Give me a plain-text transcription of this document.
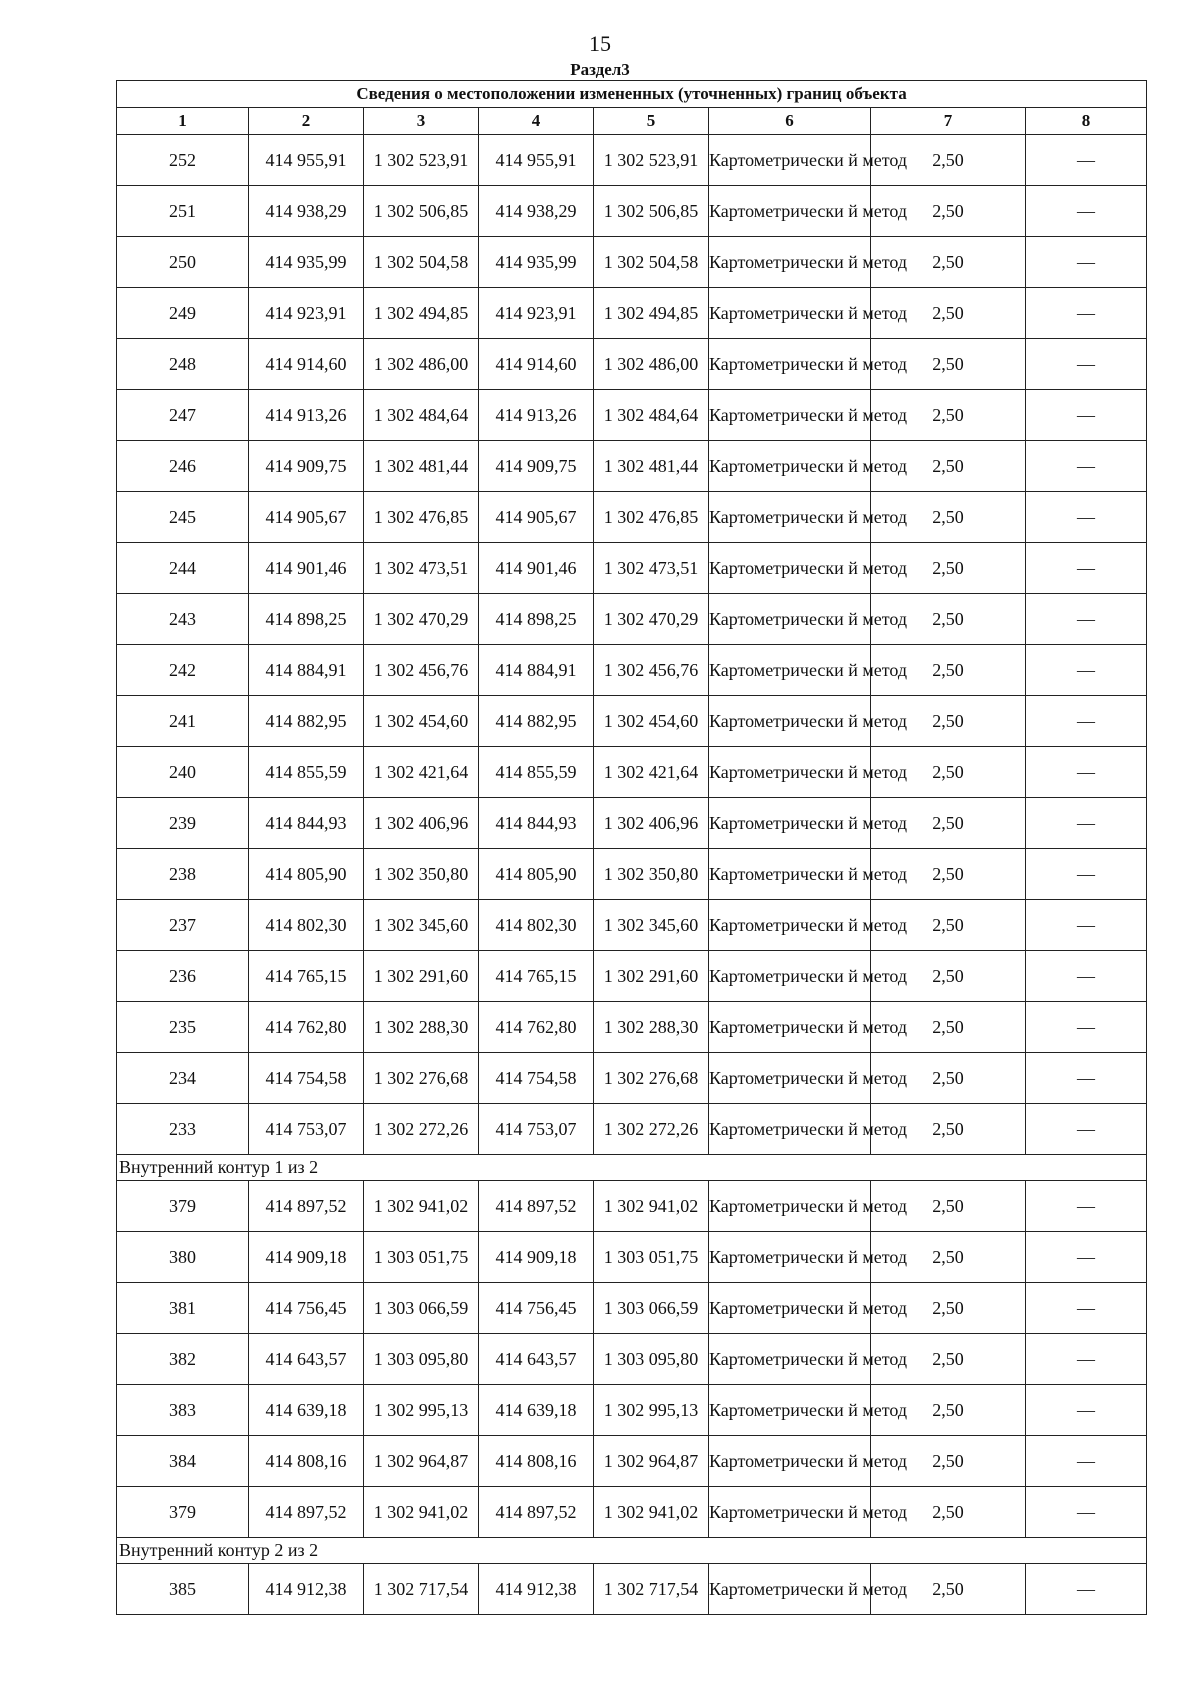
15
Раздел3
Сведения о местоположении измененных (уточненных) границ объекта							
1	2	3	4	5	6	7	8
252	414 955,91	1 302 523,91	414 955,91	1 302 523,91	Картометрически й метод	2,50	—
251	414 938,29	1 302 506,85	414 938,29	1 302 506,85	Картометрически й метод	2,50	—
250	414 935,99	1 302 504,58	414 935,99	1 302 504,58	Картометрически й метод	2,50	—
249	414 923,91	1 302 494,85	414 923,91	1 302 494,85	Картометрически й метод	2,50	—
248	414 914,60	1 302 486,00	414 914,60	1 302 486,00	Картометрически й метод	2,50	—
247	414 913,26	1 302 484,64	414 913,26	1 302 484,64	Картометрически й метод	2,50	—
246	414 909,75	1 302 481,44	414 909,75	1 302 481,44	Картометрически й метод	2,50	—
245	414 905,67	1 302 476,85	414 905,67	1 302 476,85	Картометрически й метод	2,50	—
244	414 901,46	1 302 473,51	414 901,46	1 302 473,51	Картометрически й метод	2,50	—
243	414 898,25	1 302 470,29	414 898,25	1 302 470,29	Картометрически й метод	2,50	—
242	414 884,91	1 302 456,76	414 884,91	1 302 456,76	Картометрически й метод	2,50	—
241	414 882,95	1 302 454,60	414 882,95	1 302 454,60	Картометрически й метод	2,50	—
240	414 855,59	1 302 421,64	414 855,59	1 302 421,64	Картометрически й метод	2,50	—
239	414 844,93	1 302 406,96	414 844,93	1 302 406,96	Картометрически й метод	2,50	—
238	414 805,90	1 302 350,80	414 805,90	1 302 350,80	Картометрически й метод	2,50	—
237	414 802,30	1 302 345,60	414 802,30	1 302 345,60	Картометрически й метод	2,50	—
236	414 765,15	1 302 291,60	414 765,15	1 302 291,60	Картометрически й метод	2,50	—
235	414 762,80	1 302 288,30	414 762,80	1 302 288,30	Картометрически й метод	2,50	—
234	414 754,58	1 302 276,68	414 754,58	1 302 276,68	Картометрически й метод	2,50	—
233	414 753,07	1 302 272,26	414 753,07	1 302 272,26	Картометрически й метод	2,50	—
Внутренний контур 1 из 2							
379	414 897,52	1 302 941,02	414 897,52	1 302 941,02	Картометрически й метод	2,50	—
380	414 909,18	1 303 051,75	414 909,18	1 303 051,75	Картометрически й метод	2,50	—
381	414 756,45	1 303 066,59	414 756,45	1 303 066,59	Картометрически й метод	2,50	—
382	414 643,57	1 303 095,80	414 643,57	1 303 095,80	Картометрически й метод	2,50	—
383	414 639,18	1 302 995,13	414 639,18	1 302 995,13	Картометрически й метод	2,50	—
384	414 808,16	1 302 964,87	414 808,16	1 302 964,87	Картометрически й метод	2,50	—
379	414 897,52	1 302 941,02	414 897,52	1 302 941,02	Картометрически й метод	2,50	—
Внутренний контур 2 из 2							
385	414 912,38	1 302 717,54	414 912,38	1 302 717,54	Картометрически й метод	2,50	—
